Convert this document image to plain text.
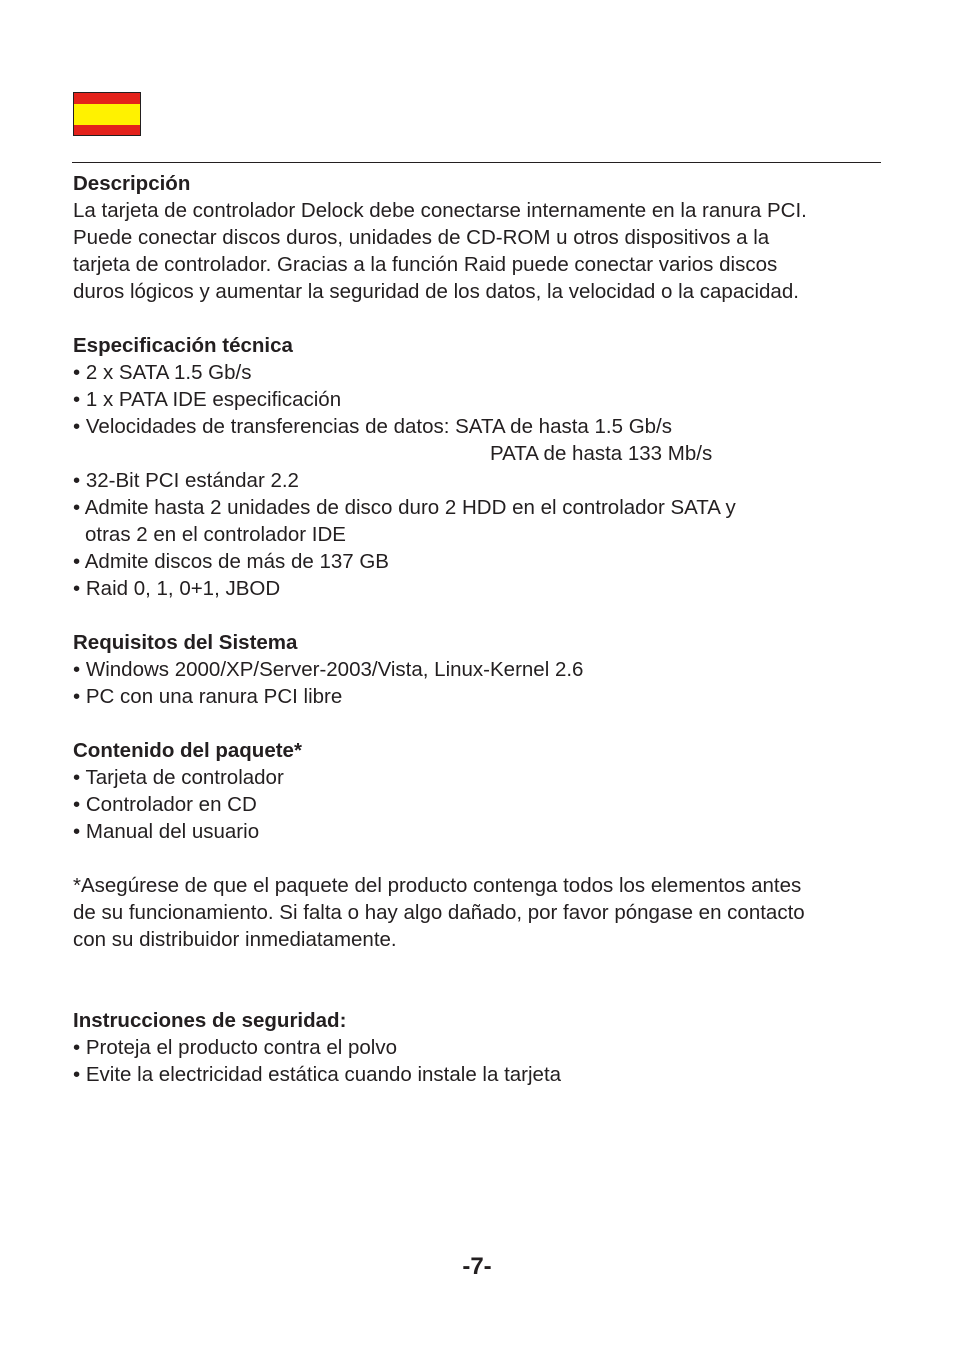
Descripción

La tarjeta de controlador Delock debe conectarse internamente en la ranura PCI.

Puede conectar discos duros, unidades de CD-ROM u otros dispositivos a la

tarjeta de controlador. Gracias a la función Raid puede conectar varios discos

duros lógicos y aumentar la seguridad de los datos, la velocidad o la capacidad.

Especificación técnica

• 2 x SATA 1.5 Gb/s

• 1 x PATA IDE especificación

• Velocidades de transferencias de datos: SATA de hasta 1.5 Gb/s

PATA de hasta 133 Mb/s

• 32-Bit PCI estándar 2.2

• Admite hasta 2 unidades de disco duro 2 HDD en el controlador SATA y

otras 2 en el controlador IDE

• Admite discos de más de 137 GB

• Raid 0, 1, 0+1, JBOD

Requisitos del Sistema

• Windows 2000/XP/Server-2003/Vista, Linux-Kernel 2.6

• PC con una ranura PCI libre

Contenido del paquete*

• Tarjeta de controlador

• Controlador en CD

• Manual del usuario

*Asegúrese de que el paquete del producto contenga todos los elementos antes

de su funcionamiento. Si falta o hay algo dañado, por favor póngase en contacto

con su distribuidor inmediatamente.

Instrucciones de seguridad:

• Proteja el producto contra el polvo

• Evite la electricidad estática cuando instale la tarjeta

-7-
